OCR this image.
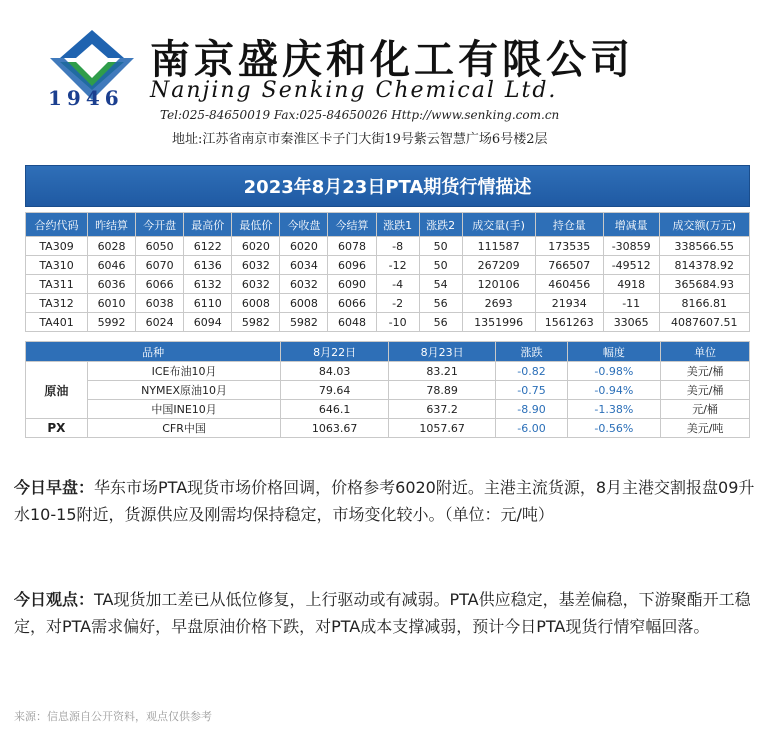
1946
南京盛庆和化工有限公司
Nanjing Senking Chemical Ltd.
Tel:025-84650019 Fax:025-84650026 Http://www.senking.com.cn
地址:江苏省南京市秦淮区卡子门大街19号紫云智慧广场6号楼2层
2023年8月23日PTA期货行情描述
合约代码	昨结算	今开盘	最高价	最低价	今收盘	今结算	涨跌1	涨跌2	成交量(手)	持仓量	增减量	成交额(万元)
TA309	6028	6050	6122	6020	6020	6078	-8	50	111587	173535	-30859	338566.55
TA310	6046	6070	6136	6032	6034	6096	-12	50	267209	766507	-49512	814378.92
TA311	6036	6066	6132	6032	6032	6090	-4	54	120106	460456	4918	365684.93
TA312	6010	6038	6110	6008	6008	6066	-2	56	2693	21934	-11	8166.81
TA401	5992	6024	6094	5982	5982	6048	-10	56	1351996	1561263	33065	4087607.51
品种		8月22日	8月23日	涨跌	幅度	单位
原油	ICE布油10月	84.03	83.21	-0.82	-0.98%	美元/桶
	NYMEX原油10月	79.64	78.89	-0.75	-0.94%	美元/桶
	中国INE10月	646.1	637.2	-8.90	-1.38%	元/桶
PX	CFR中国	1063.67	1057.67	-6.00	-0.56%	美元/吨
今日早盘：华东市场PTA现货市场价格回调，价格参考6020附近。主港主流货源，8月主港交割报盘09升水10-15附近，货源供应及刚需均保持稳定，市场变化较小。（单位：元/吨）
今日观点：TA现货加工差已从低位修复，上行驱动或有减弱。PTA供应稳定，基差偏稳，下游聚酯开工稳定，对PTA需求偏好，早盘原油价格下跌，对PTA成本支撑减弱，预计今日PTA现货行情窄幅回落。
来源：信息源自公开资料，观点仅供参考
